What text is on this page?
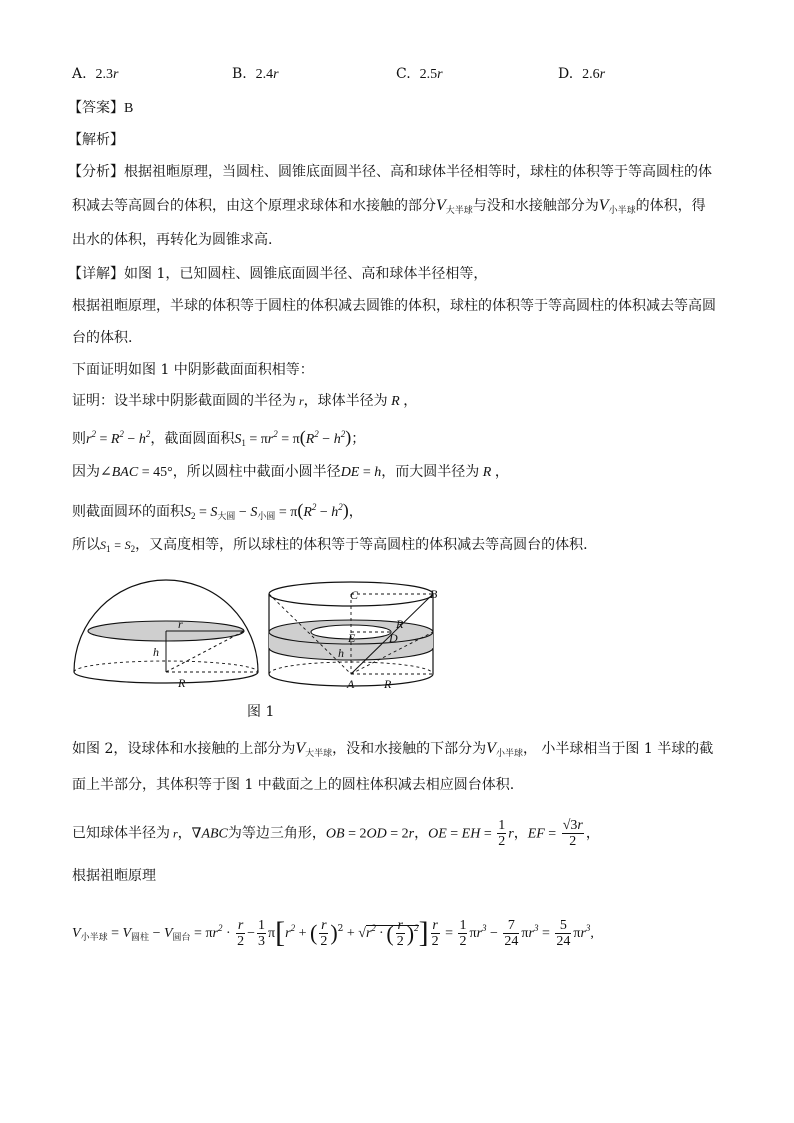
A. 2.3r	B. 2.4r	C. 2.5r	D. 2.6r
【答案】B
【解析】
【分析】根据祖暅原理，当圆柱、圆锥底面圆半径、高和球体半径相等时，球柱的体积等于等高圆柱的体
积减去等高圆台的体积，由这个原理求球体和水接触的部分$V_{大半球}$与没和水接触部分为$V_{小半球}$的体积，得
出水的体积，再转化为圆锥求高.
【详解】如图 1，已知圆柱、圆锥底面圆半径、高和球体半径相等，
根据祖暅原理，半球的体积等于圆柱的体积减去圆锥的体积，球柱的体积等于等高圆柱的体积减去等高圆
台的体积.
下面证明如图 1 中阴影截面面积相等：
证明：设半球中阴影截面圆的半径为 r，球体半径为 R ，
则$r^2 = R^2 - h^2$，截面圆面积$S_1 = \pi r^2 = \pi(R^2 - h^2)$；
因为∠BAC = 45°，所以圆柱中截面小圆半径DE = h，而大圆半径为 R ，
则截面圆环的面积$S_2 = S_{大圆} - S_{小圆} = \pi(R^2 - h^2)$，
所以$S_1 = S_2$，又高度相等，所以球柱的体积等于等高圆柱的体积减去等高圆台的体积.
r
h
R
C	B
R
E	D
h
A R
图 1
如图 2，设球体和水接触的上部分为$V_{大半球}$，没和水接触的下部分为$V_{小半球}$， 小半球相当于图 1 半球的截
面上半部分，其体积等于图 1 中截面之上的圆柱体积减去相应圆台体积.
已知球体半径为 r，∇ABC为等边三角形，OB = 2OD = 2r，OE = EH = $\frac{1}{2}$ r，EF = $\frac{√3r}{2}$ ，
根据祖暅原理
$V_{小半球} = V_{圆柱} - V_{圆台} = \pi r^2 \cdot \frac{r}{2} - \frac{1}{3} \pi[r^2$ + ( $\frac{r}{2} )^2 + √r^2$ · ( $\frac{r}{2} )^2] \frac{r}{2} = \frac{1}{2} \pi r^3 - \frac{7}{24} \pi r^3 = \frac{5}{24} \pi r^3$,
